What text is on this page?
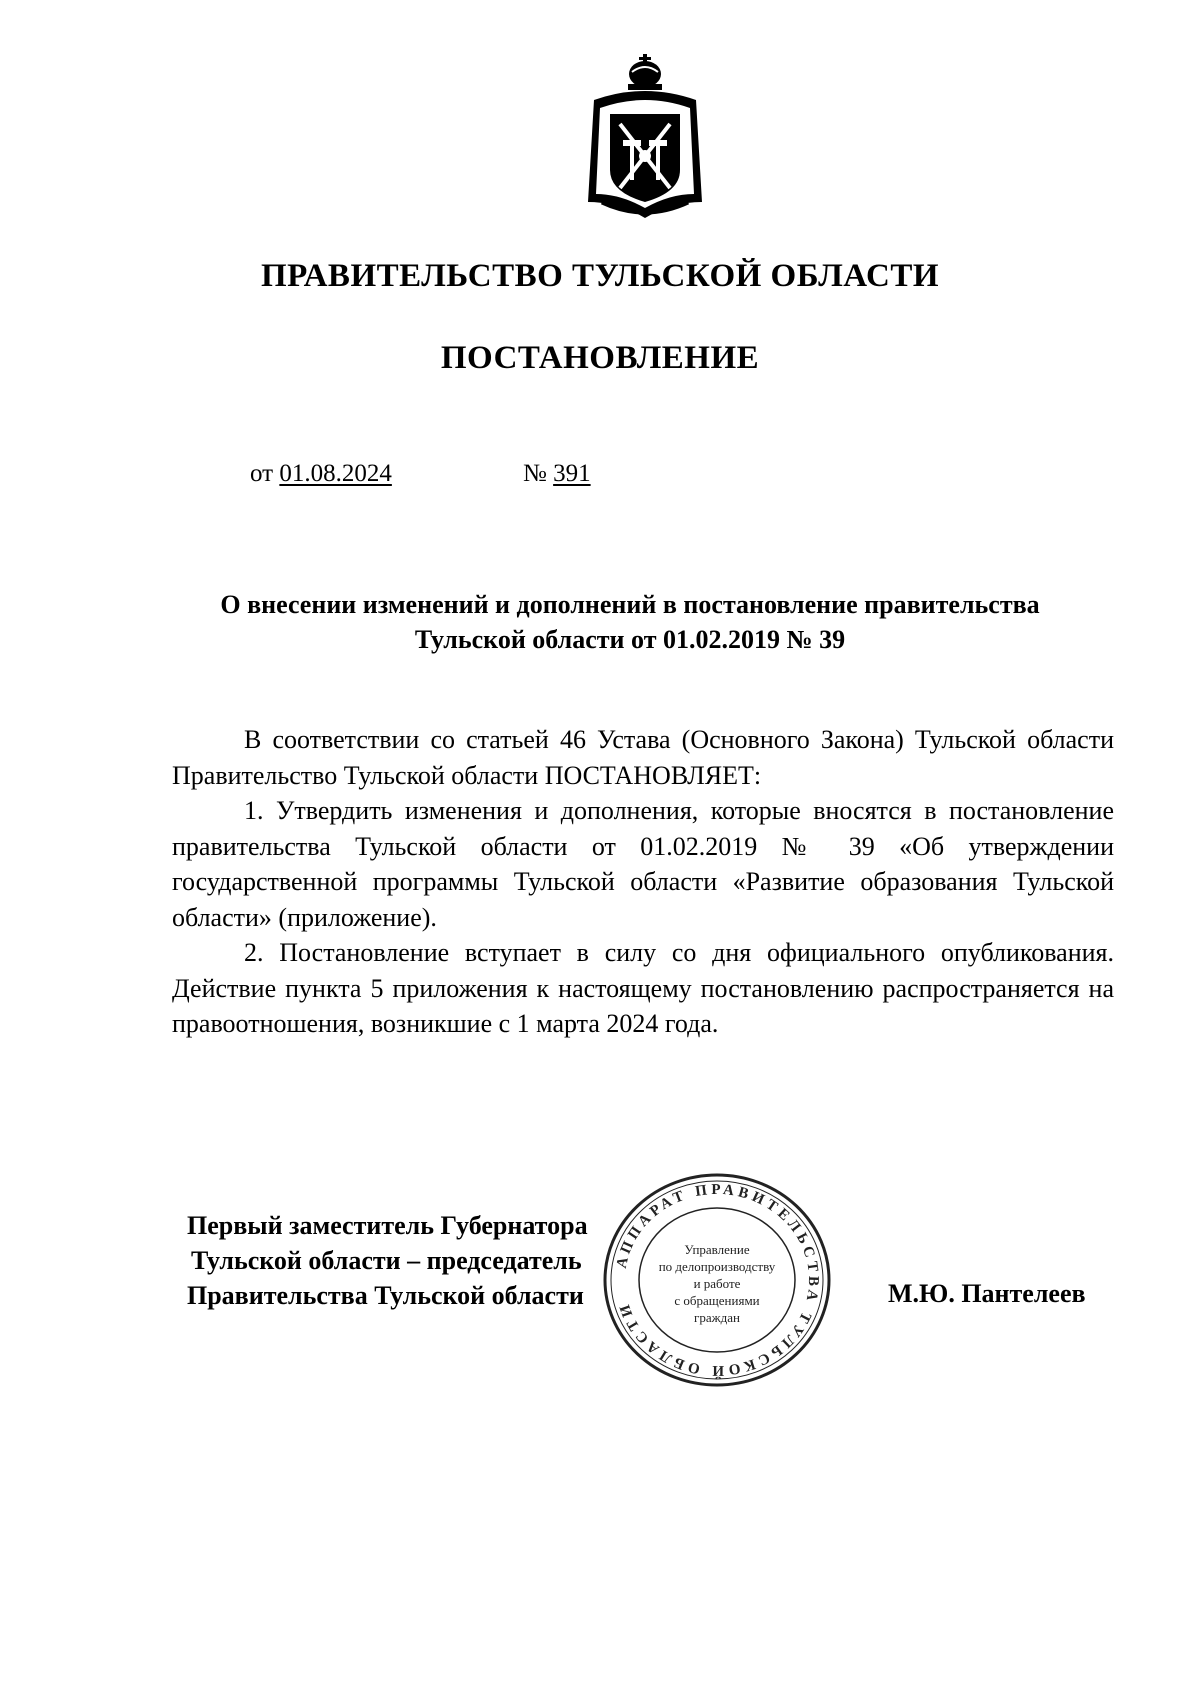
ПРАВИТЕЛЬСТВО ТУЛЬСКОЙ ОБЛАСТИ
ПОСТАНОВЛЕНИЕ
от 01.08.2024	№ 391
О внесении изменений и дополнений в постановление правительства
Тульской области от 01.02.2019 № 39

В соответствии со статьей 46 Устава (Основного Закона) Тульской области Правительство Тульской области ПОСТАНОВЛЯЕТ:

1. Утвердить изменения и дополнения, которые вносятся в постановление правительства Тульской области от 01.02.2019 № 39 «Об утверждении государственной программы Тульской области «Развитие образования Тульской области» (приложение).

2. Постановление вступает в силу со дня официального опубликования. Действие пункта 5 приложения к настоящему постановлению распространяется на правоотношения, возникшие с 1 марта 2024 года.

Первый заместитель Губернатора
Тульской области – председатель
Правительства Тульской области	М.Ю. Пантелеев
АППАРАТ ПРАВИТЕЛЬСТВА ТУЛЬСКОЙ ОБЛАСТИ
Управление
по делопроизводству
и работе
с обращениями
граждан
